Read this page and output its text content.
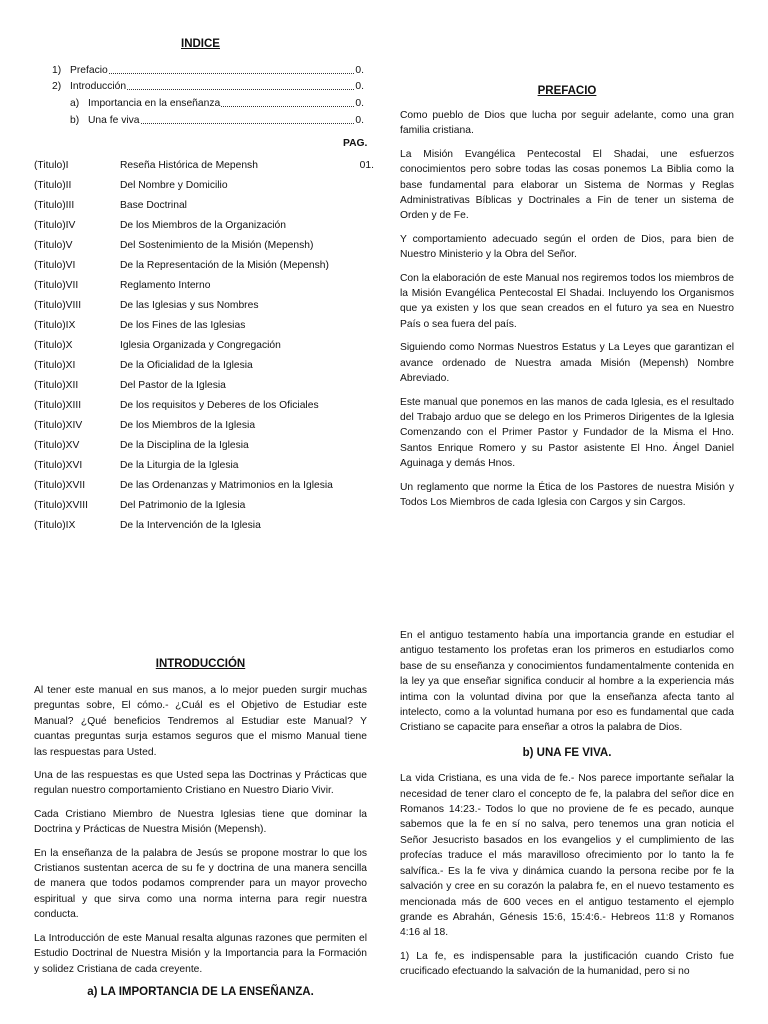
INDICE
1) Prefacio	0.
2) Introducción	0.
a) Importancia en la enseñanza	0.
b) Una fe viva	0.
PAG.
(Titulo)I	Reseña Histórica de Mepensh	01.
(Titulo)II	Del Nombre y Domicilio
(Titulo)III	Base Doctrinal
(Titulo)IV	De los Miembros de la Organización
(Titulo)V	Del Sostenimiento de la Misión (Mepensh)
(Titulo)VI	De la Representación de la Misión (Mepensh)
(Titulo)VII	Reglamento Interno
(Titulo)VIII	De las Iglesias y sus Nombres
(Titulo)IX	De los Fines de las Iglesias
(Titulo)X	Iglesia Organizada y Congregación
(Titulo)XI	De la Oficialidad de la Iglesia
(Titulo)XII	Del Pastor de la Iglesia
(Titulo)XIII	De los requisitos y Deberes de los Oficiales
(Titulo)XIV	De los Miembros de la Iglesia
(Titulo)XV	De la Disciplina de la Iglesia
(Titulo)XVI	De la Liturgia de la Iglesia
(Titulo)XVII	De las Ordenanzas y Matrimonios en la Iglesia
(Titulo)XVIII	Del Patrimonio de la Iglesia
(Titulo)IX	De la Intervención de la Iglesia
PREFACIO

Como pueblo de Dios que lucha por seguir adelante, como una gran familia cristiana.

La Misión Evangélica Pentecostal El Shadai, une esfuerzos conocimientos pero sobre todas las cosas ponemos La Biblia como la base fundamental para elaborar un Sistema de Normas y Reglas Administrativas Bíblicas y Doctrinales a Fin de tener un sistema de Orden y de Fe.

Y comportamiento adecuado según el orden de Dios, para bien de Nuestro Ministerio y la Obra del Señor.

Con la elaboración de este Manual nos regiremos todos los miembros de la Misión Evangélica Pentecostal El Shadai. Incluyendo los Organismos que ya existen y los que sean creados en el futuro ya sea en Nuestro País o sea fuera del país.

Siguiendo como Normas Nuestros Estatus y La Leyes que garantizan el avance ordenado de Nuestra amada Misión (Mepensh) Nombre Abreviado.

Este manual que ponemos en las manos de cada Iglesia, es el resultado del Trabajo arduo que se delego en los Primeros Dirigentes de la Iglesia Comenzando con el Primer Pastor y Fundador de la Misma el Hno. Santos Enrique Romero y su Pastor asistente El Hno. Ángel Daniel Aguinaga y demás Hnos.

Un reglamento que norme la Ética de los Pastores de nuestra Misión y Todos Los Miembros de cada Iglesia con Cargos y sin Cargos.

INTRODUCCIÓN

Al tener este manual en sus manos, a lo mejor pueden surgir muchas preguntas sobre, El cómo.- ¿Cuál es el Objetivo de Estudiar este Manual? ¿Qué beneficios Tendremos al Estudiar este Manual? Y cuantas preguntas surja estamos seguros que el mismo Manual tiene las respuestas para Usted.

Una de las respuestas es que Usted sepa las Doctrinas y Prácticas que regulan nuestro comportamiento Cristiano en Nuestro Diario Vivir.

Cada Cristiano Miembro de Nuestra Iglesias tiene que dominar la Doctrina y Prácticas de Nuestra Misión (Mepensh).

En la enseñanza de la palabra de Jesús se propone mostrar lo que los Cristianos sustentan acerca de su fe y doctrina de una manera sencilla de manera que todos podamos comprender para un mayor provecho espiritual y que sirva como una norma interna para regir nuestra conducta.

La Introducción de este Manual resalta algunas razones que permiten el Estudio Doctrinal de Nuestra Misión y la Importancia para la Formación y solidez Cristiana de cada creyente.

a) LA IMPORTANCIA DE LA ENSEÑANZA.

En el antiguo testamento había una importancia grande en estudiar el antiguo testamento los profetas eran los primeros en estudiarlos como base de su enseñanza y conocimientos fundamentalmente contenida en la ley ya que enseñar significa conducir al hombre a la experiencia más intima con la voluntad divina por que la enseñanza afecta tanto al intelecto, como a la voluntad humana por eso es fundamental que cada Cristiano se capacite para enseñar a otros la palabra de Dios.

b) UNA FE VIVA.

La vida Cristiana, es una vida de fe.- Nos parece importante señalar la necesidad de tener claro el concepto de fe, la palabra del señor dice en Romanos 14:23.- Todos lo que no proviene de fe es pecado, aunque sabemos que la fe en sí no salva, pero tenemos una gran noticia el Señor Jesucristo basados en los evangelios y el cumplimiento de las profecías traduce el más maravilloso ofrecimiento por lo tanto la fe salvífica.- Es la fe viva y dinámica cuando la persona recibe por fe la salvación y cree en su corazón la palabra fe, en el nuevo testamento es mencionada más de 600 veces en el antiguo testamento el ejemplo grande es Abrahán, Génesis 15:6, 15:4:6.- Hebreos 11:8 y Romanos 4:16 al 18.

1) La fe, es indispensable para la justificación cuando Cristo fue crucificado efectuando la salvación de la humanidad, pero si no
